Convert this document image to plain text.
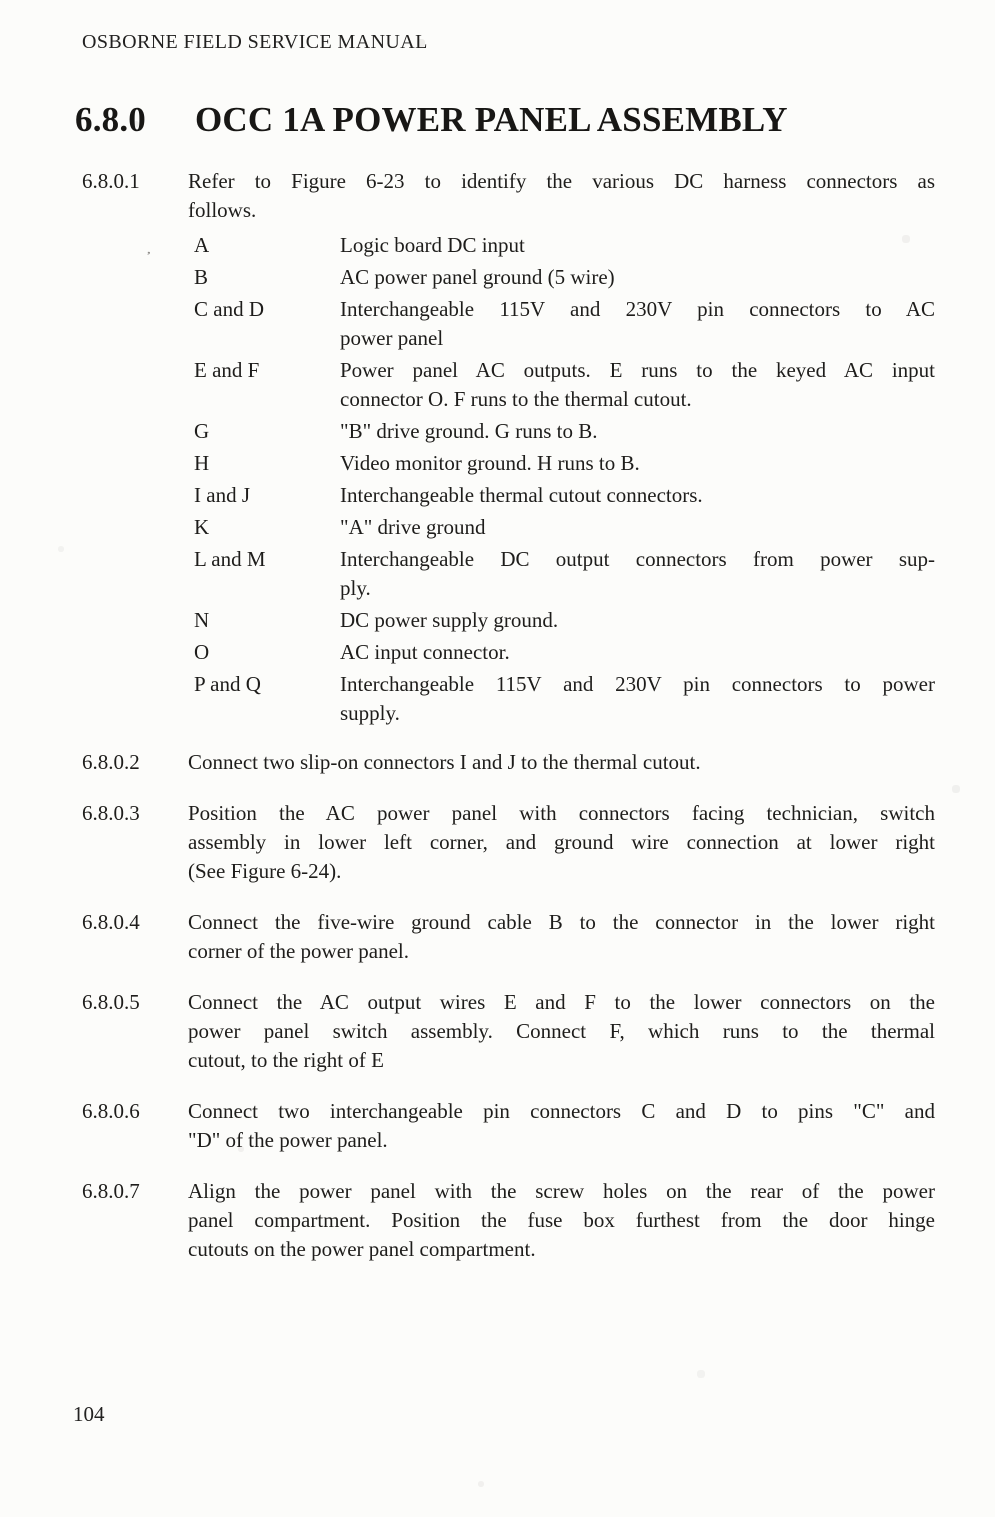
OSBORNE FIELD SERVICE MANUAL
6.8.0	OCC 1A POWER PANEL ASSEMBLY
’’
6.8.0.1	Refer to Figure 6-23 to identify the various DC harness connectors as
follows.
A	Logic board DC input
B	AC power panel ground (5 wire)
C and D	Interchangeable 115V and 230V pin connectors to AC
power panel
E and F	Power panel AC outputs. E runs to the keyed AC input
connector O. F runs to the thermal cutout.
G	"B" drive ground. G runs to B.
H	Video monitor ground. H runs to B.
I and J	Interchangeable thermal cutout connectors.
K	"A" drive ground
L and M	Interchangeable DC output connectors from power sup-
ply.
N	DC power supply ground.
O	AC input connector.
P and Q	Interchangeable 115V and 230V pin connectors to power
supply.
6.8.0.2	Connect two slip-on connectors I and J to the thermal cutout.
6.8.0.3	Position the AC power panel with connectors facing technician, switch
assembly in lower left corner, and ground wire connection at lower right
(See Figure 6-24).
6.8.0.4	Connect the five-wire ground cable B to the connector in the lower right
corner of the power panel.
6.8.0.5	Connect the AC output wires E and F to the lower connectors on the
power panel switch assembly. Connect F, which runs to the thermal
cutout, to the right of E
6.8.0.6	Connect two interchangeable pin connectors C and D to pins "C" and
"D" of the power panel.
6.8.0.7	Align the power panel with the screw holes on the rear of the power
panel compartment. Position the fuse box furthest from the door hinge
cutouts on the power panel compartment.
104
